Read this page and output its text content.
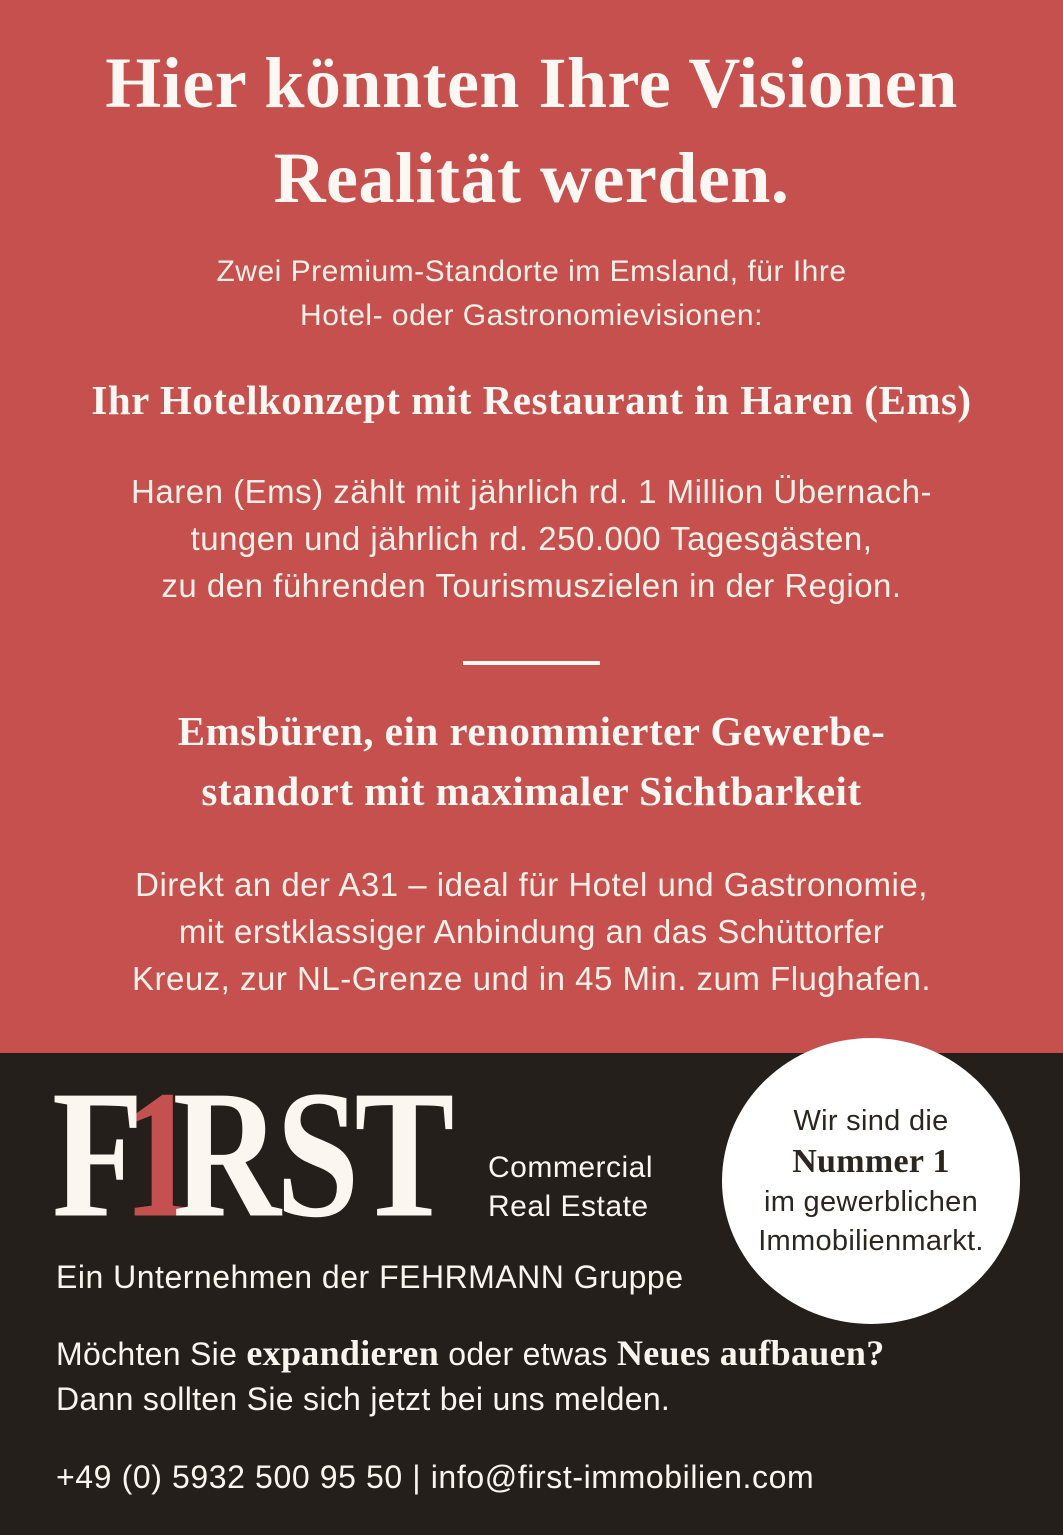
Hier könnten Ihre Visionen
Realität werden.

Zwei Premium-Standorte im Emsland, für Ihre
Hotel- oder Gastronomievisionen:

Ihr Hotelkonzept mit Restaurant in Haren (Ems)

Haren (Ems) zählt mit jährlich rd. 1 Million Übernach-
tungen und jährlich rd. 250.000 Tagesgästen,
zu den führenden Tourismuszielen in der Region.

Emsbüren, ein renommierter Gewerbe-
standort mit maximaler Sichtbarkeit

Direkt an der A31 – ideal für Hotel und Gastronomie,
mit erstklassiger Anbindung an das Schüttorfer
Kreuz, zur NL-Grenze und in 45 Min. zum Flughafen.

F1RST Commercial
Real Estate
Wir sind die
Nummer 1
im gewerblichen
Immobilienmarkt.
Ein Unternehmen der FEHRMANN Gruppe
Möchten Sie expandieren oder etwas Neues aufbauen?
Dann sollten Sie sich jetzt bei uns melden.
+49 (0) 5932 500 95 50 | info@first-immobilien.com
